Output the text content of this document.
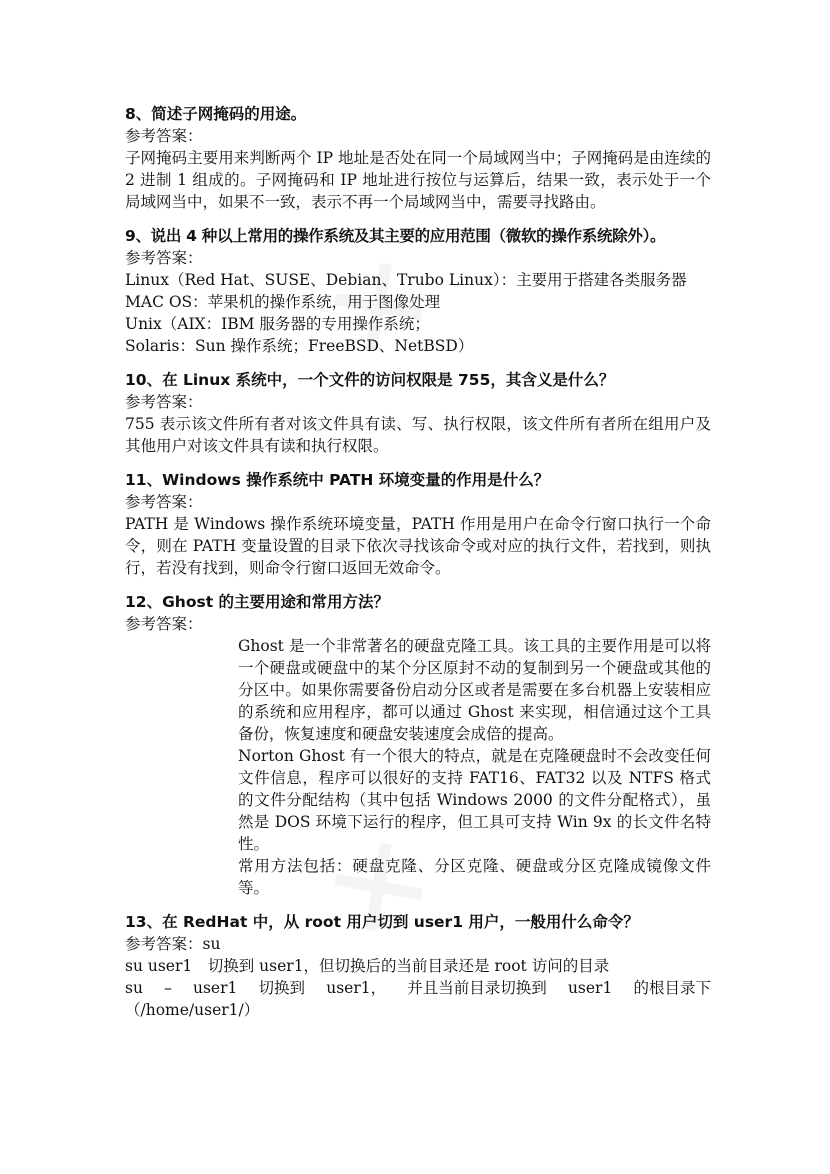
8、简述子网掩码的用途。

参考答案：

子网掩码主要用来判断两个 IP 地址是否处在同一个局域网当中；子网掩码是由连续的 2 进制 1 组成的。子网掩码和 IP 地址进行按位与运算后，结果一致，表示处于一个局域网当中，如果不一致，表示不再一个局域网当中，需要寻找路由。

9、说出 4 种以上常用的操作系统及其主要的应用范围（微软的操作系统除外）。

参考答案：

Linux（Red Hat、SUSE、Debian、Trubo Linux）：主要用于搭建各类服务器

MAC OS：苹果机的操作系统，用于图像处理

Unix（AIX：IBM 服务器的专用操作系统；

Solaris：Sun 操作系统；FreeBSD、NetBSD）

10、在 Linux 系统中，一个文件的访问权限是 755，其含义是什么？

参考答案：

755 表示该文件所有者对该文件具有读、写、执行权限，该文件所有者所在组用户及其他用户对该文件具有读和执行权限。

11、Windows 操作系统中 PATH 环境变量的作用是什么？

参考答案：

PATH 是 Windows 操作系统环境变量，PATH 作用是用户在命令行窗口执行一个命令，则在 PATH 变量设置的目录下依次寻找该命令或对应的执行文件，若找到，则执行，若没有找到，则命令行窗口返回无效命令。

12、Ghost 的主要用途和常用方法？

参考答案：

Ghost 是一个非常著名的硬盘克隆工具。该工具的主要作用是可以将一个硬盘或硬盘中的某个分区原封不动的复制到另一个硬盘或其他的分区中。如果你需要备份启动分区或者是需要在多台机器上安装相应的系统和应用程序，都可以通过 Ghost 来实现，相信通过这个工具备份，恢复速度和硬盘安装速度会成倍的提高。

Norton Ghost 有一个很大的特点，就是在克隆硬盘时不会改变任何文件信息，程序可以很好的支持 FAT16、FAT32 以及 NTFS 格式的文件分配结构（其中包括 Windows 2000 的文件分配格式），虽然是 DOS 环境下运行的程序，但工具可支持 Win 9x 的长文件名特性。

常用方法包括：硬盘克隆、分区克隆、硬盘或分区克隆成镜像文件等。

13、在 RedHat 中，从 root 用户切到 user1 用户，一般用什么命令？

参考答案：su

su user1　切换到 user1，但切换后的当前目录还是 root 访问的目录

su – user1 切换到 user1， 并且当前目录切换到 user1 的根目录下

（/home/user1/）
